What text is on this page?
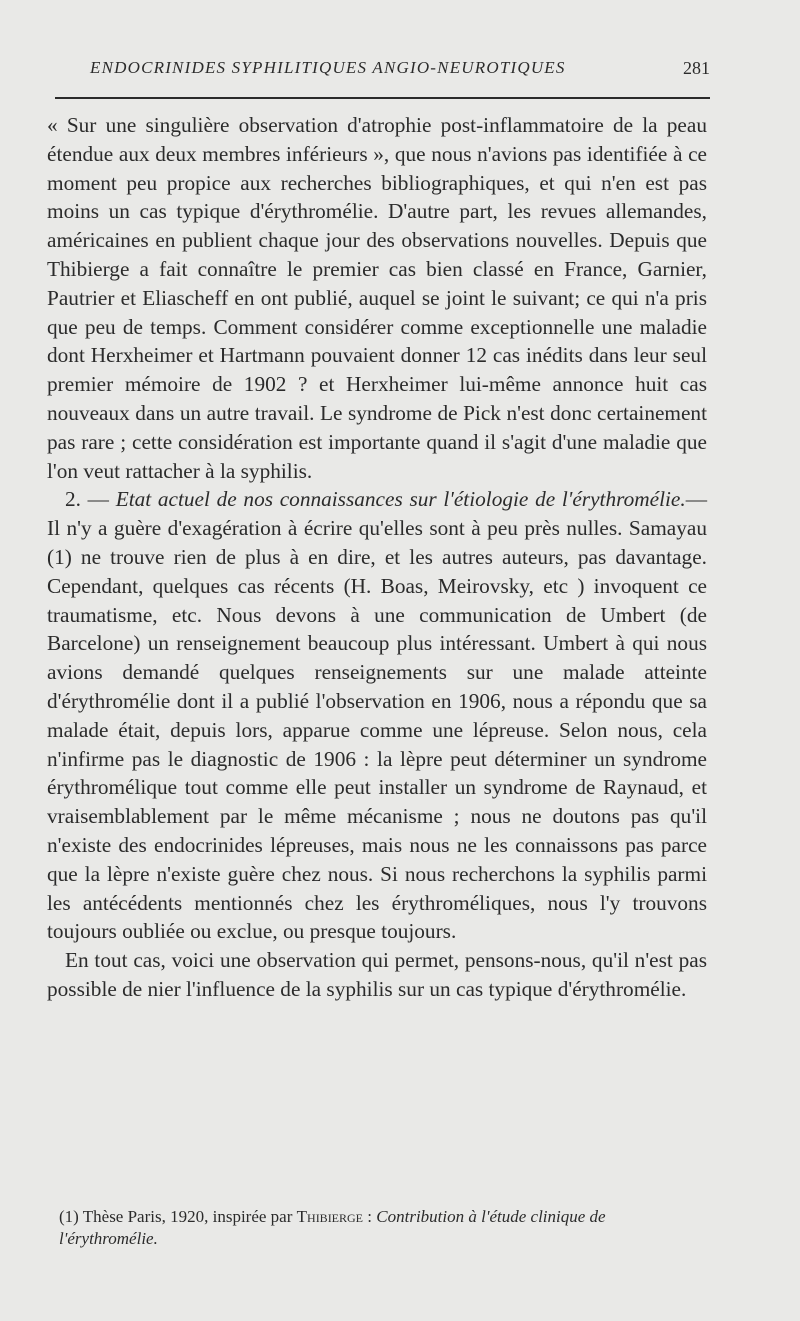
ENDOCRINIDES SYPHILITIQUES ANGIO-NEUROTIQUES	281

« Sur une singulière observation d'atrophie post-inflammatoire de la peau étendue aux deux membres inférieurs », que nous n'avions pas identifiée à ce moment peu propice aux recherches bibliographiques, et qui n'en est pas moins un cas typique d'érythromélie. D'autre part, les revues allemandes, américaines en publient chaque jour des observations nouvelles. Depuis que Thibierge a fait connaître le premier cas bien classé en France, Garnier, Pautrier et Eliascheff en ont publié, auquel se joint le suivant; ce qui n'a pris que peu de temps. Comment considérer comme exceptionnelle une maladie dont Herxheimer et Hartmann pouvaient donner 12 cas inédits dans leur seul premier mémoire de 1902 ? et Herxheimer lui-même annonce huit cas nouveaux dans un autre travail. Le syndrome de Pick n'est donc certainement pas rare ; cette considération est importante quand il s'agit d'une maladie que l'on veut rattacher à la syphilis.

2. — Etat actuel de nos connaissances sur l'étiologie de l'érythromélie.— Il n'y a guère d'exagération à écrire qu'elles sont à peu près nulles. Samayau (1) ne trouve rien de plus à en dire, et les autres auteurs, pas davantage. Cependant, quelques cas récents (H. Boas, Meirovsky, etc ) invoquent ce traumatisme, etc. Nous devons à une communication de Umbert (de Barcelone) un renseignement beaucoup plus intéressant. Umbert à qui nous avions demandé quelques renseignements sur une malade atteinte d'érythromélie dont il a publié l'observation en 1906, nous a répondu que sa malade était, depuis lors, apparue comme une lépreuse. Selon nous, cela n'infirme pas le diagnostic de 1906 : la lèpre peut déterminer un syndrome érythromélique tout comme elle peut installer un syndrome de Raynaud, et vraisemblablement par le même mécanisme ; nous ne doutons pas qu'il n'existe des endocrinides lépreuses, mais nous ne les connaissons pas parce que la lèpre n'existe guère chez nous. Si nous recherchons la syphilis parmi les antécédents mentionnés chez les érythroméliques, nous l'y trouvons toujours oubliée ou exclue, ou presque toujours.

En tout cas, voici une observation qui permet, pensons-nous, qu'il n'est pas possible de nier l'influence de la syphilis sur un cas typique d'érythromélie.

(1) Thèse Paris, 1920, inspirée par Thibierge : Contribution à l'étude clinique de l'érythromélie.
